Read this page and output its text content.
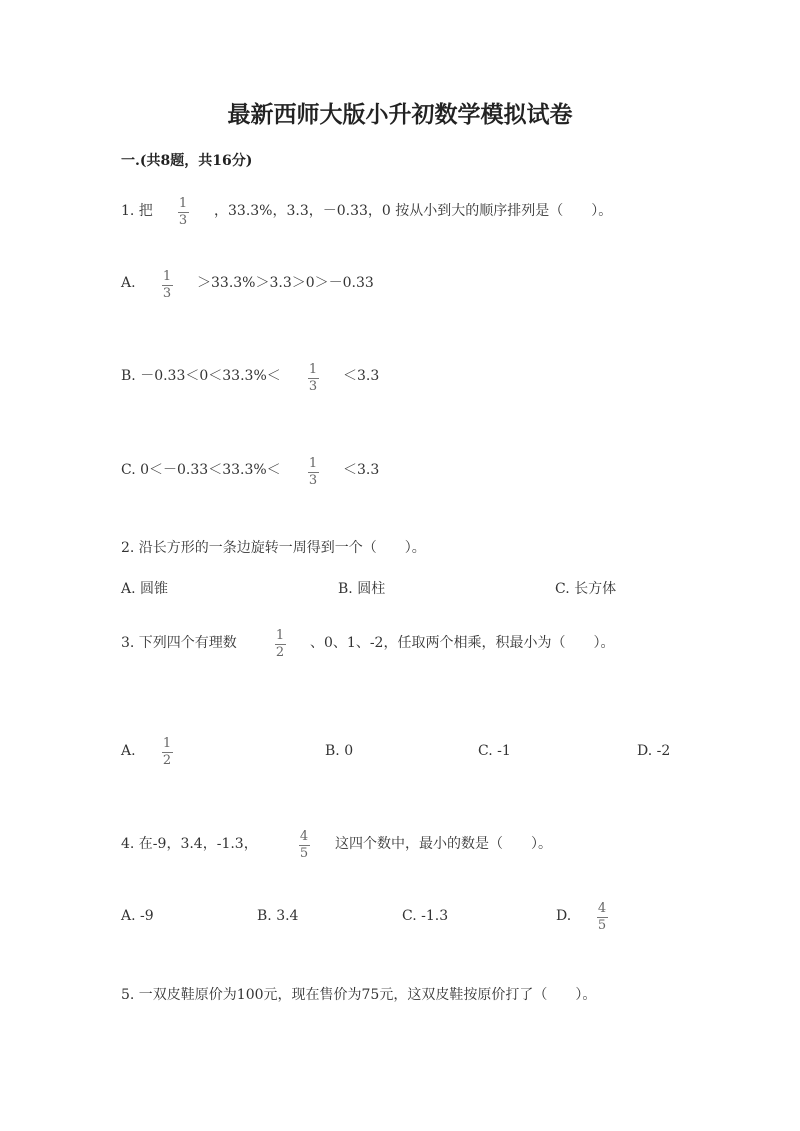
最新西师大版小升初数学模拟试卷
一.(共8题，共16分)
1. 把 1
3
，33.3%，3.3，－0.33，0 按从小到大的顺序排列是（　　）。
A. 1
3
＞33.3%＞3.3＞0＞－0.33
B. －0.33＜0＜33.3%＜ 1
3
＜3.3
C. 0＜－0.33＜33.3%＜ 1
3
＜3.3
2. 沿长方形的一条边旋转一周得到一个（　　）。
A. 圆锥	B. 圆柱	C. 长方体
3. 下列四个有理数	1
2
、0、1、-2，任取两个相乘，积最小为（　　）。
A. 1
2
B. 0	C. -1	D. -2
4. 在-9，3.4，-1.3，	4
5
这四个数中，最小的数是（　　）。
A. -9	B. 3.4	C. -1.3	D. 4
5
5. 一双皮鞋原价为100元，现在售价为75元，这双皮鞋按原价打了（　　）。
